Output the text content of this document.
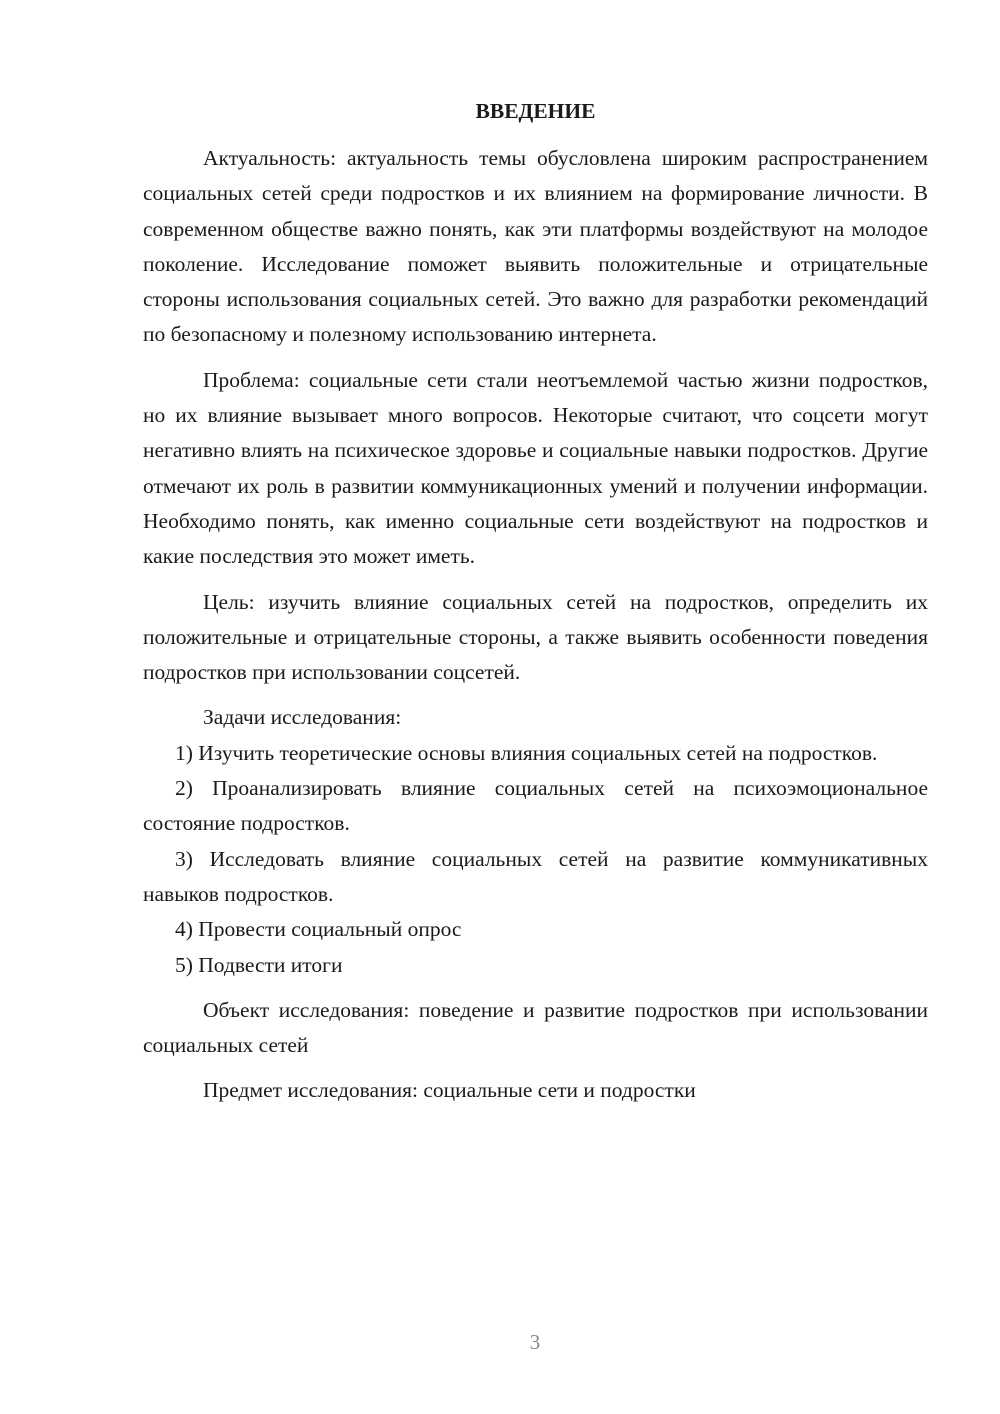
ВВЕДЕНИЕ

Актуальность: актуальность темы обусловлена широким распространением социальных сетей среди подростков и их влиянием на формирование личности. В современном обществе важно понять, как эти платформы воздействуют на молодое поколение. Исследование поможет выявить положительные и отрицательные стороны использования социальных сетей. Это важно для разработки рекомендаций по безопасному и полезному использованию интернета.

Проблема: социальные сети стали неотъемлемой частью жизни подростков, но их влияние вызывает много вопросов. Некоторые считают, что соцсети могут негативно влиять на психическое здоровье и социальные навыки подростков. Другие отмечают их роль в развитии коммуникационных умений и получении информации. Необходимо понять, как именно социальные сети воздействуют на подростков и какие последствия это может иметь.

Цель: изучить влияние социальных сетей на подростков, определить их положительные и отрицательные стороны, а также выявить особенности поведения подростков при использовании соцсетей.

Задачи исследования:

1) Изучить теоретические основы влияния социальных сетей на подростков.

2) Проанализировать влияние социальных сетей на психоэмоциональное состояние подростков.

3) Исследовать влияние социальных сетей на развитие коммуникативных навыков подростков.

4) Провести социальный опрос

5) Подвести итоги

Объект исследования: поведение и развитие подростков при использовании социальных сетей

Предмет исследования: социальные сети и подростки

3
